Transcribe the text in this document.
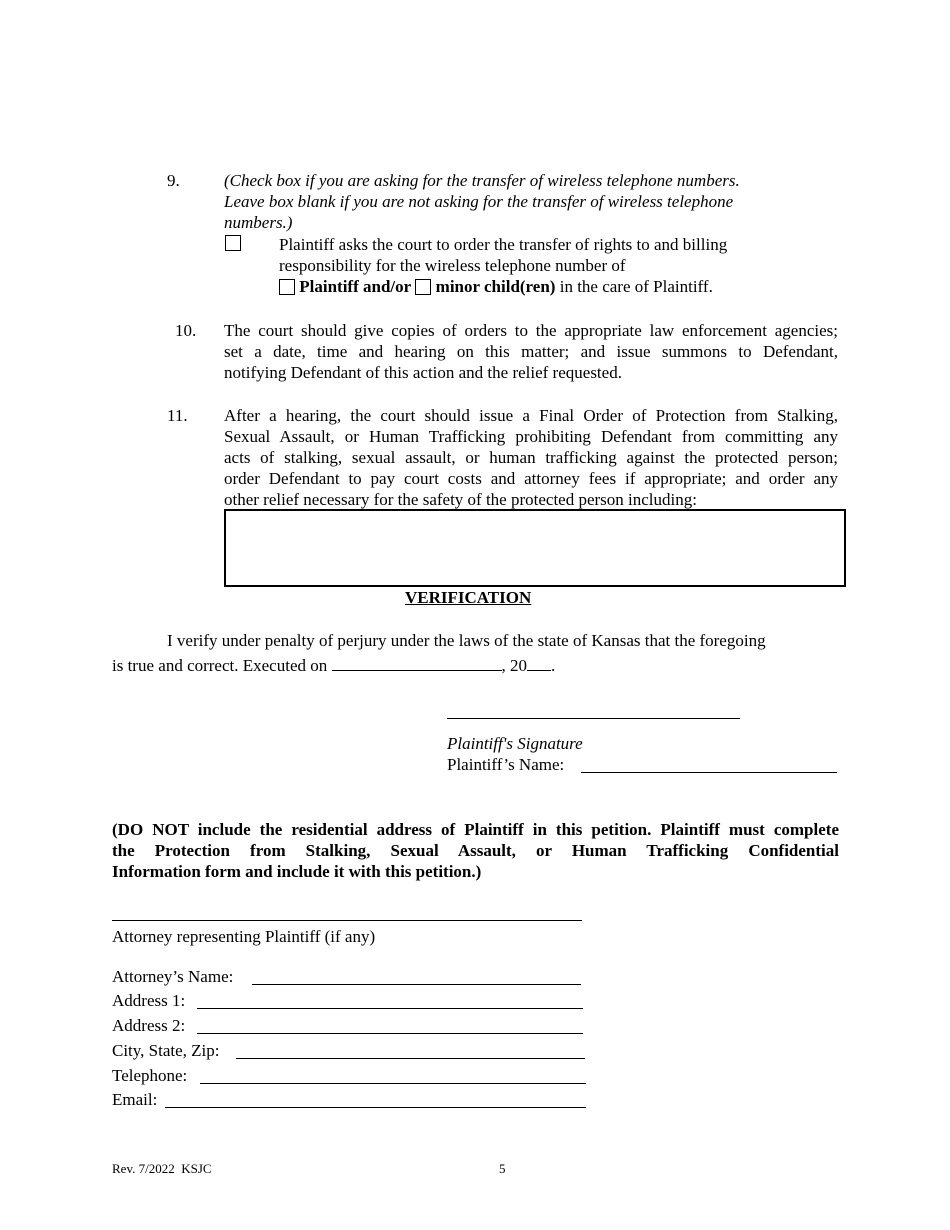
9.	(Check box if you are asking for the transfer of wireless telephone numbers.
Leave box blank if you are not asking for the transfer of wireless telephone
numbers.)
Plaintiff asks the court to order the transfer of rights to and billing
responsibility for the wireless telephone number of
Plaintiff and/or minor child(ren) in the care of Plaintiff.
10. The court should give copies of orders to the appropriate law enforcement agencies;
set a date, time and hearing on this matter; and issue summons to Defendant,
notifying Defendant of this action and the relief requested.
11. After a hearing, the court should issue a Final Order of Protection from Stalking,
Sexual Assault, or Human Trafficking prohibiting Defendant from committing any
acts of stalking, sexual assault, or human trafficking against the protected person;
order Defendant to pay court costs and attorney fees if appropriate; and order any
other relief necessary for the safety of the protected person including:
VERIFICATION
I verify under penalty of perjury under the laws of the state of Kansas that the foregoing
is true and correct. Executed on	, 20 .
Plaintiff's Signature
Plaintiff’s Name:
(DO NOT include the residential address of Plaintiff in this petition. Plaintiff must complete
the Protection from Stalking, Sexual Assault, or Human Trafficking Confidential
Information form and include it with this petition.)
Attorney representing Plaintiff (if any)
Attorney’s Name:
Address 1:
Address 2:
City, State, Zip:
Telephone:
Email:
Rev. 7/2022  KSJC	5
